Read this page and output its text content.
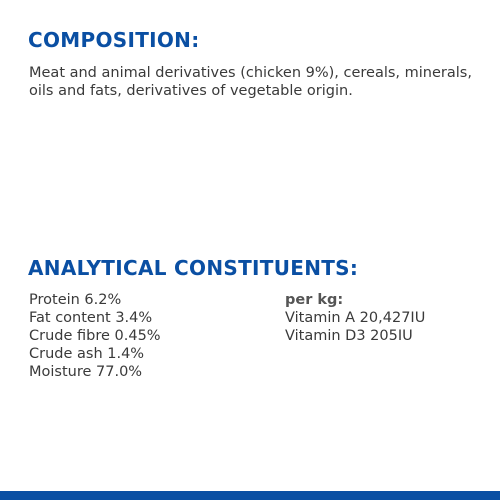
COMPOSITION:

Meat and animal derivatives (chicken 9%), cereals, minerals, oils and fats, derivatives of vegetable origin.

ANALYTICAL CONSTITUENTS:
Protein 6.2%
Fat content 3.4%
Crude fibre 0.45%
Crude ash 1.4%
Moisture 77.0%

per kg:

Vitamin A 20,427IU
Vitamin D3 205IU
